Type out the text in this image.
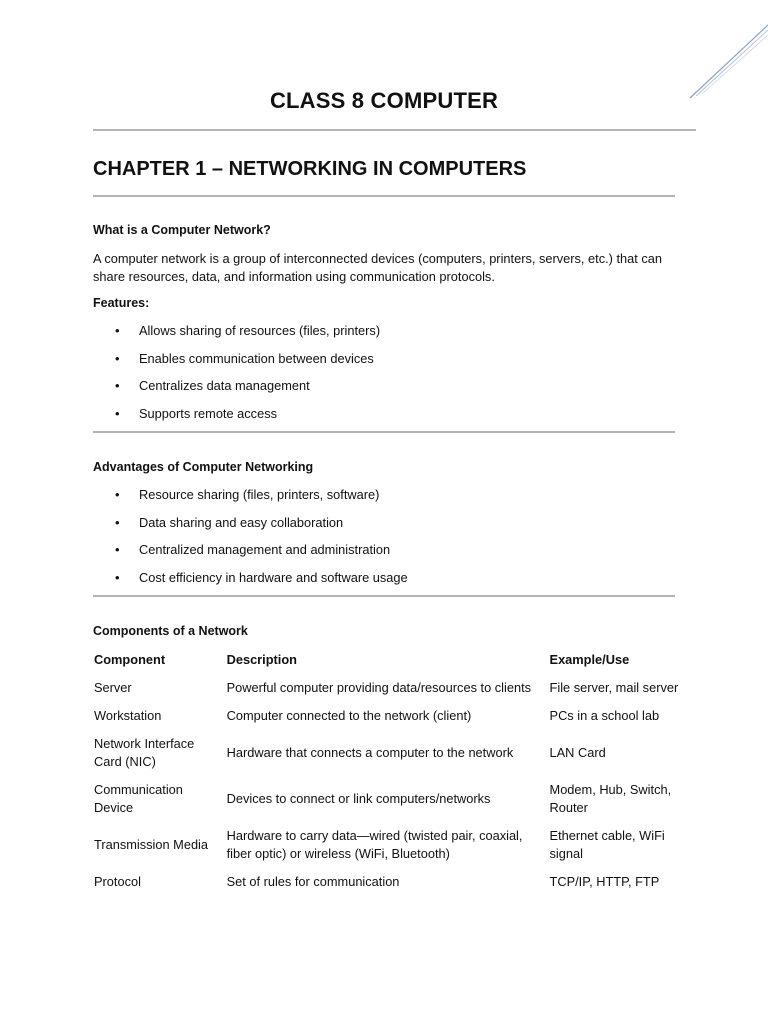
CLASS 8 COMPUTER
CHAPTER 1 – NETWORKING IN COMPUTERS
What is a Computer Network?
A computer network is a group of interconnected devices (computers, printers, servers, etc.) that can share resources, data, and information using communication protocols.
Features:
• Allows sharing of resources (files, printers)
• Enables communication between devices
• Centralizes data management
• Supports remote access
Advantages of Computer Networking
• Resource sharing (files, printers, software)
• Data sharing and easy collaboration
• Centralized management and administration
• Cost efficiency in hardware and software usage
Components of a Network
Component	Description	Example/Use
Server	Powerful computer providing data/resources to clients	File server, mail server
Workstation	Computer connected to the network (client)	PCs in a school lab
Network Interface Card (NIC)	Hardware that connects a computer to the network	LAN Card
Communication Device	Devices to connect or link computers/networks	Modem, Hub, Switch, Router
Transmission Media	Hardware to carry data—wired (twisted pair, coaxial, fiber optic) or wireless (WiFi, Bluetooth)	Ethernet cable, WiFi signal
Protocol	Set of rules for communication	TCP/IP, HTTP, FTP
